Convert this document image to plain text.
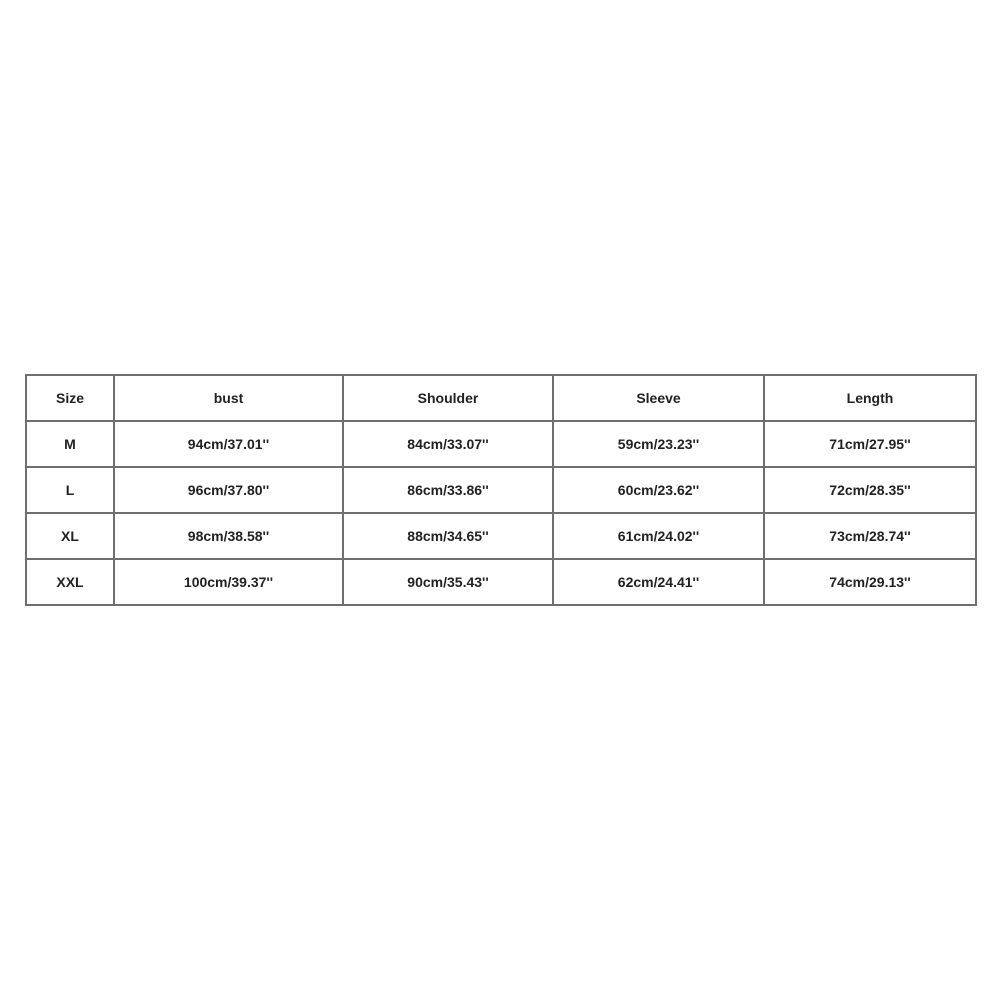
Size	bust	Shoulder	Sleeve	Length
M	94cm/37.01''	84cm/33.07''	59cm/23.23''	71cm/27.95''
L	96cm/37.80''	86cm/33.86''	60cm/23.62''	72cm/28.35''
XL	98cm/38.58''	88cm/34.65''	61cm/24.02''	73cm/28.74''
XXL	100cm/39.37''	90cm/35.43''	62cm/24.41''	74cm/29.13''
